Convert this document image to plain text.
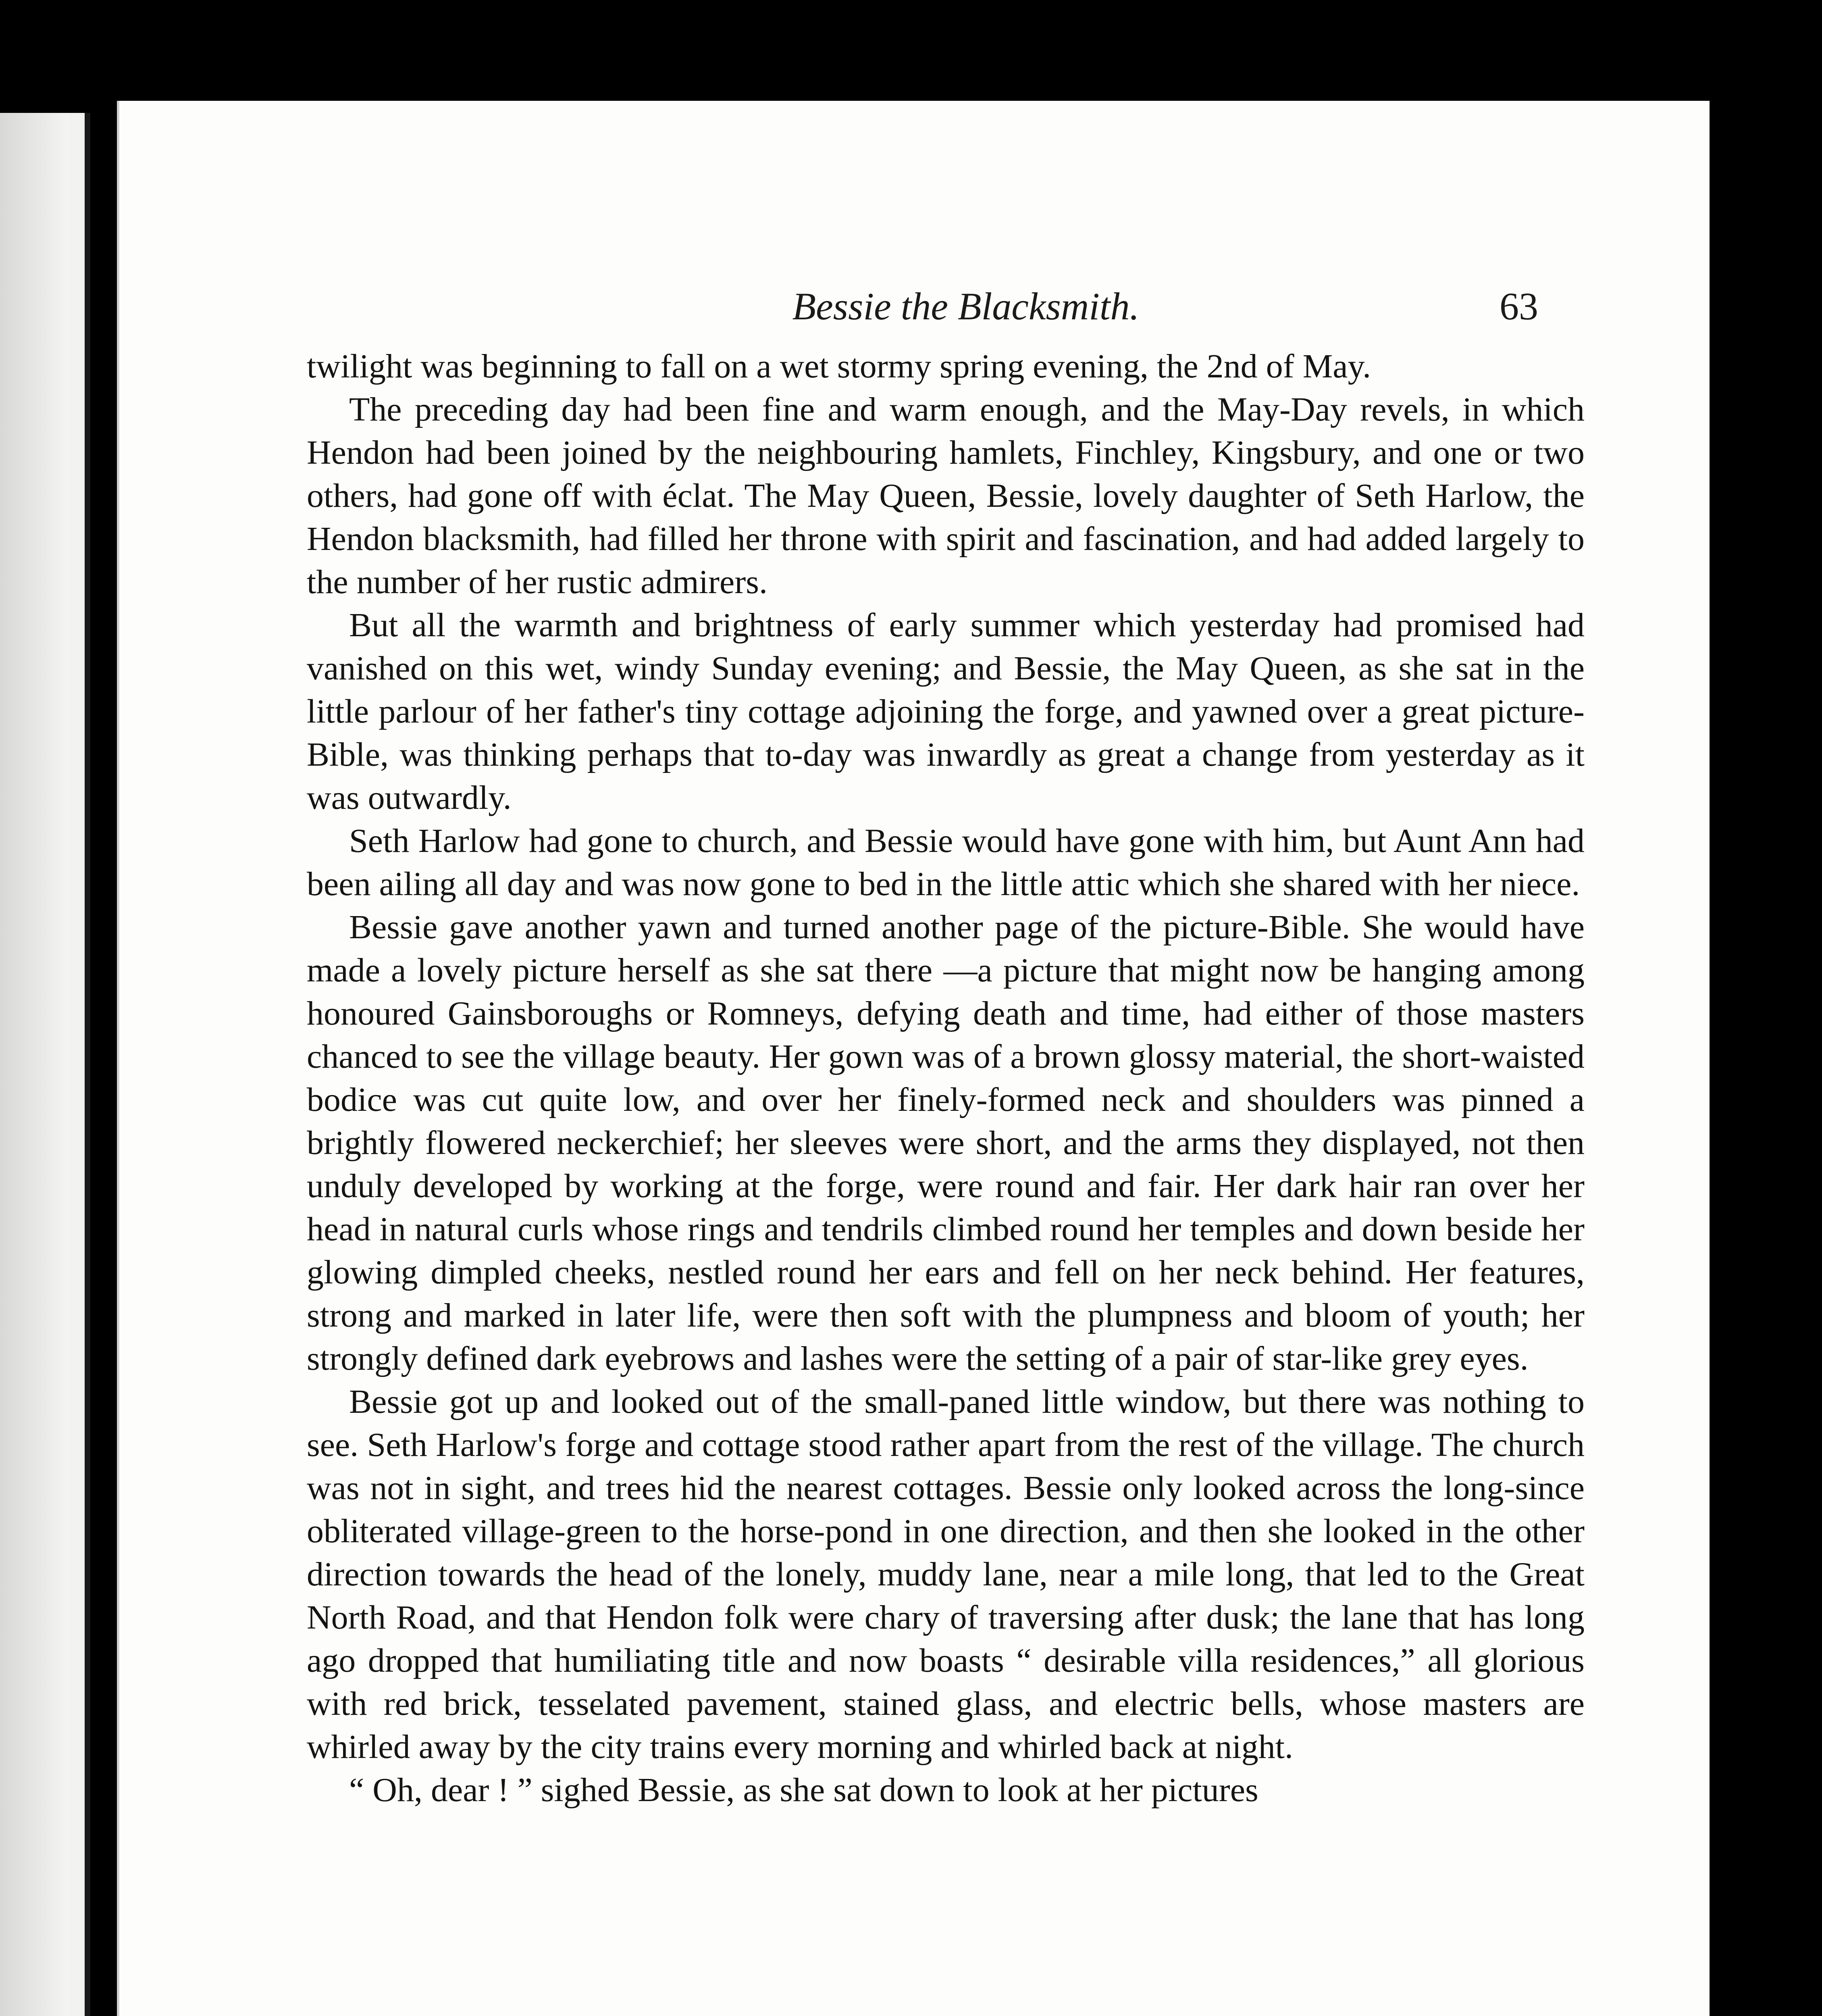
Bessie the Blacksmith.	63

twilight was beginning to fall on a wet stormy spring evening, the 2nd of May.

The preceding day had been fine and warm enough, and the May-Day revels, in which Hendon had been joined by the neighbouring hamlets, Finchley, Kingsbury, and one or two others, had gone off with éclat. The May Queen, Bessie, lovely daughter of Seth Harlow, the Hendon blacksmith, had filled her throne with spirit and fascination, and had added largely to the number of her rustic admirers.

But all the warmth and brightness of early summer which yesterday had promised had vanished on this wet, windy Sunday evening; and Bessie, the May Queen, as she sat in the little parlour of her father's tiny cottage adjoining the forge, and yawned over a great picture-Bible, was thinking perhaps that to-day was inwardly as great a change from yesterday as it was outwardly.

Seth Harlow had gone to church, and Bessie would have gone with him, but Aunt Ann had been ailing all day and was now gone to bed in the little attic which she shared with her niece.

Bessie gave another yawn and turned another page of the picture-Bible. She would have made a lovely picture herself as she sat there —a picture that might now be hanging among honoured Gainsboroughs or Romneys, defying death and time, had either of those masters chanced to see the village beauty. Her gown was of a brown glossy material, the short-waisted bodice was cut quite low, and over her finely-formed neck and shoulders was pinned a brightly flowered neckerchief; her sleeves were short, and the arms they displayed, not then unduly developed by working at the forge, were round and fair. Her dark hair ran over her head in natural curls whose rings and tendrils climbed round her temples and down beside her glowing dimpled cheeks, nestled round her ears and fell on her neck behind. Her features, strong and marked in later life, were then soft with the plumpness and bloom of youth; her strongly defined dark eyebrows and lashes were the setting of a pair of star-like grey eyes.

Bessie got up and looked out of the small-paned little window, but there was nothing to see. Seth Harlow's forge and cottage stood rather apart from the rest of the village. The church was not in sight, and trees hid the nearest cottages. Bessie only looked across the long-since obliterated village-green to the horse-pond in one direction, and then she looked in the other direction towards the head of the lonely, muddy lane, near a mile long, that led to the Great North Road, and that Hendon folk were chary of traversing after dusk; the lane that has long ago dropped that humiliating title and now boasts “ desirable villa residences,” all glorious with red brick, tesselated pavement, stained glass, and electric bells, whose masters are whirled away by the city trains every morning and whirled back at night.

“ Oh, dear ! ” sighed Bessie, as she sat down to look at her pictures
